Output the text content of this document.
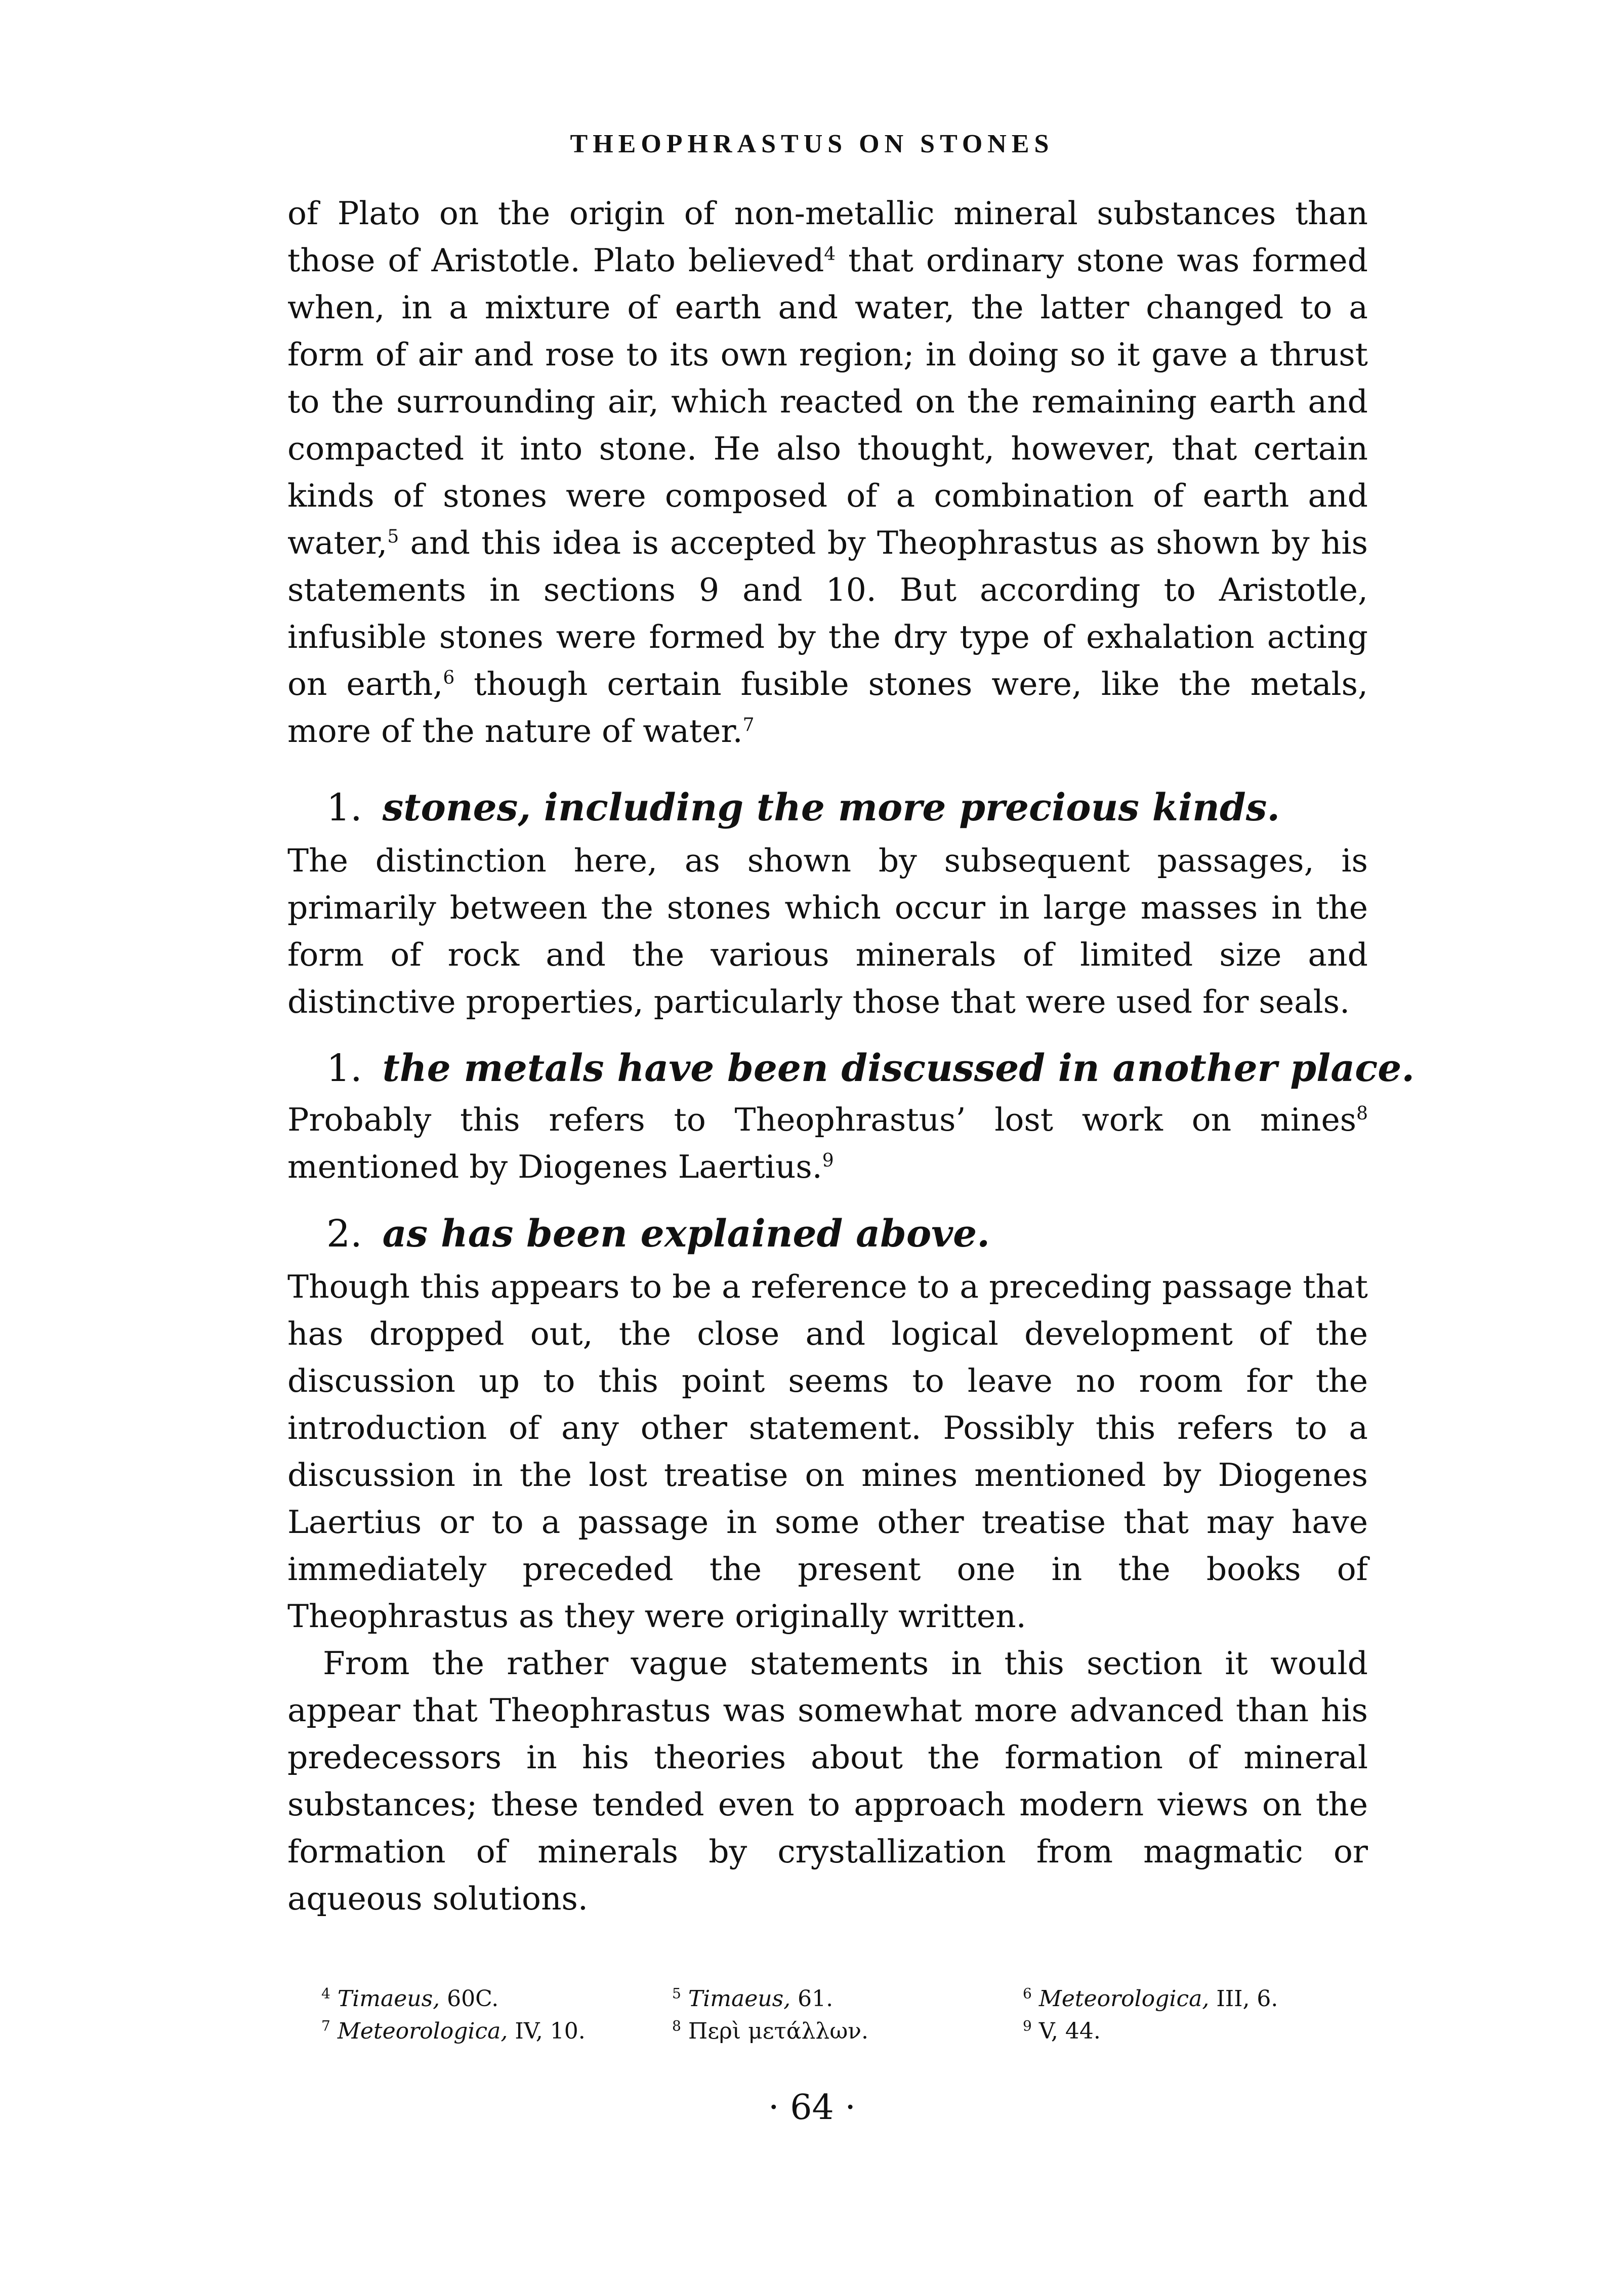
THEOPHRASTUS ON STONES

of Plato on the origin of non-metallic mineral substances than those of Aristotle. Plato believed$^4$ that ordinary stone was formed when, in a mixture of earth and water, the latter changed to a form of air and rose to its own region; in doing so it gave a thrust to the surrounding air, which reacted on the remaining earth and compacted it into stone. He also thought, however, that certain kinds of stones were composed of a combination of earth and water,$^5$ and this idea is accepted by Theophrastus as shown by his statements in sections 9 and 10. But according to Aristotle, infusible stones were formed by the dry type of exhalation acting on earth,$^6$ though certain fusible stones were, like the metals, more of the nature of water.$^7$

1. stones, including the more precious kinds.

The distinction here, as shown by subsequent passages, is primarily between the stones which occur in large masses in the form of rock and the various minerals of limited size and distinctive properties, particularly those that were used for seals.

1. the metals have been discussed in another place.

Probably this refers to Theophrastus’ lost work on mines$^8$ mentioned by Diogenes Laertius.$^9$

2. as has been explained above.

Though this appears to be a reference to a preceding passage that has dropped out, the close and logical development of the discussion up to this point seems to leave no room for the introduction of any other statement. Possibly this refers to a discussion in the lost treatise on mines mentioned by Diogenes Laertius or to a passage in some other treatise that may have immediately preceded the present one in the books of Theophrastus as they were originally written.

From the rather vague statements in this section it would appear that Theophrastus was somewhat more advanced than his predecessors in his theories about the formation of mineral substances; these tended even to approach modern views on the formation of minerals by crystallization from magmatic or aqueous solutions.

$^4$ Timaeus, 60C.	$^5$ Timaeus, 61.	$^6$ Meteorologica, III, 6.
$^7$ Meteorologica, IV, 10.	$^8$ Περὶ μετάλλων.	$^9$ V, 44.
· 64 ·
